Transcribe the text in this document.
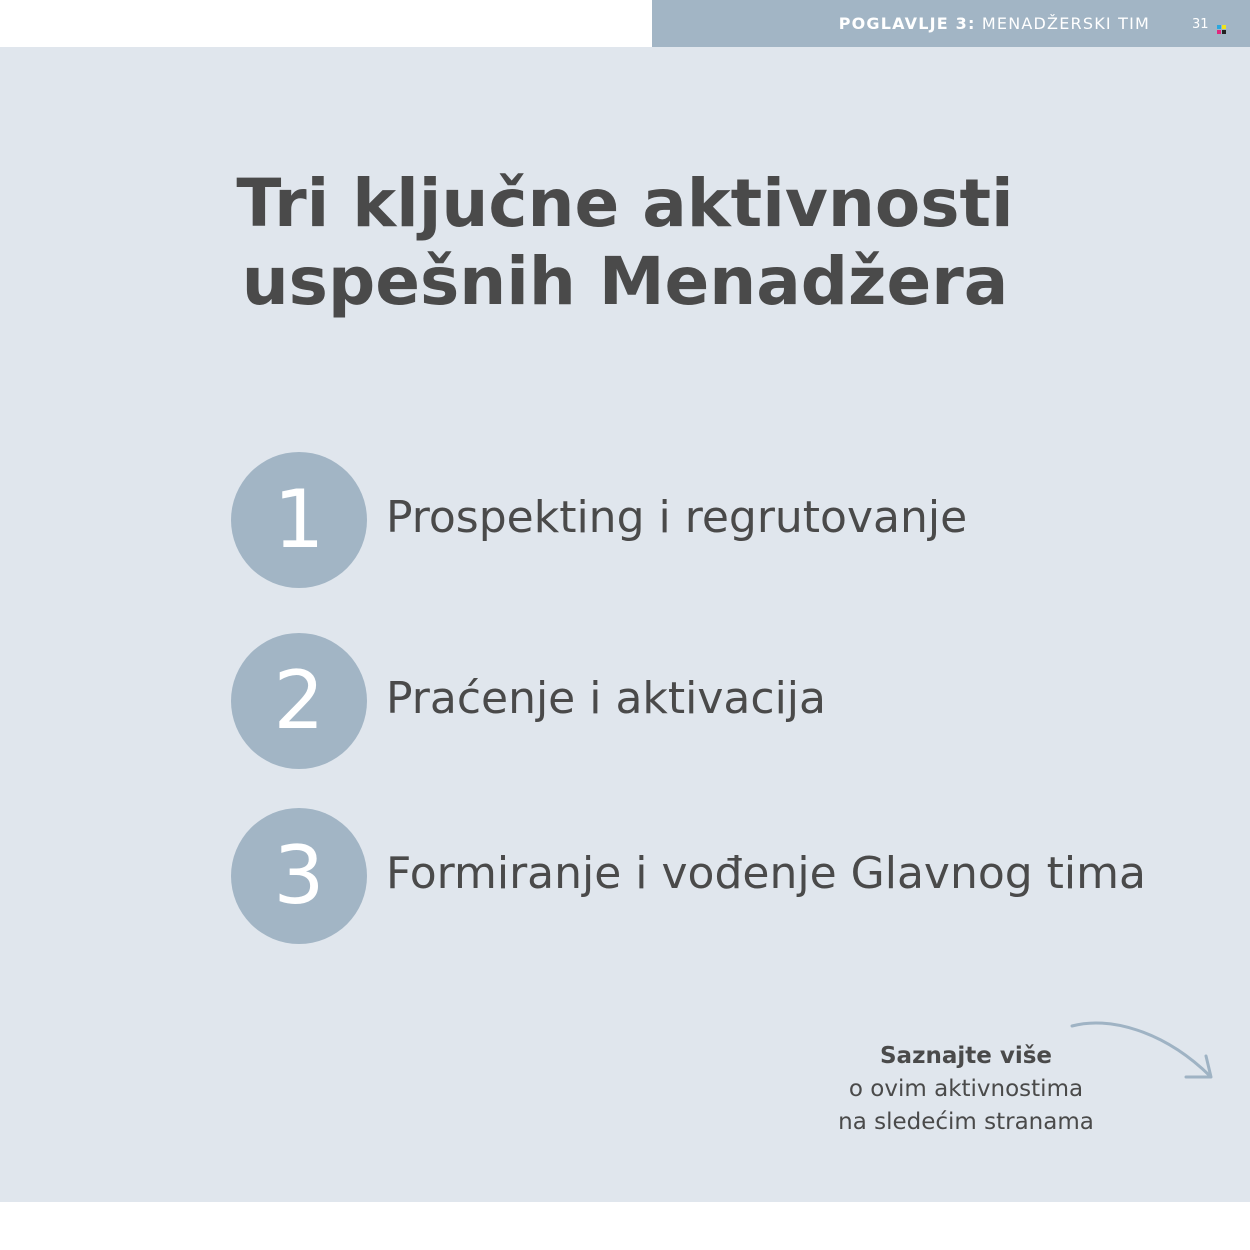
POGLAVLJE 3: MENADŽERSKI TIM	31
Tri ključne aktivnosti
uspešnih Menadžera
1	Prospekting i regrutovanje
2	Praćenje i aktivacija
3	Formiranje i vođenje Glavnog tima
Saznajte više
o ovim aktivnostima
na sledećim stranama
